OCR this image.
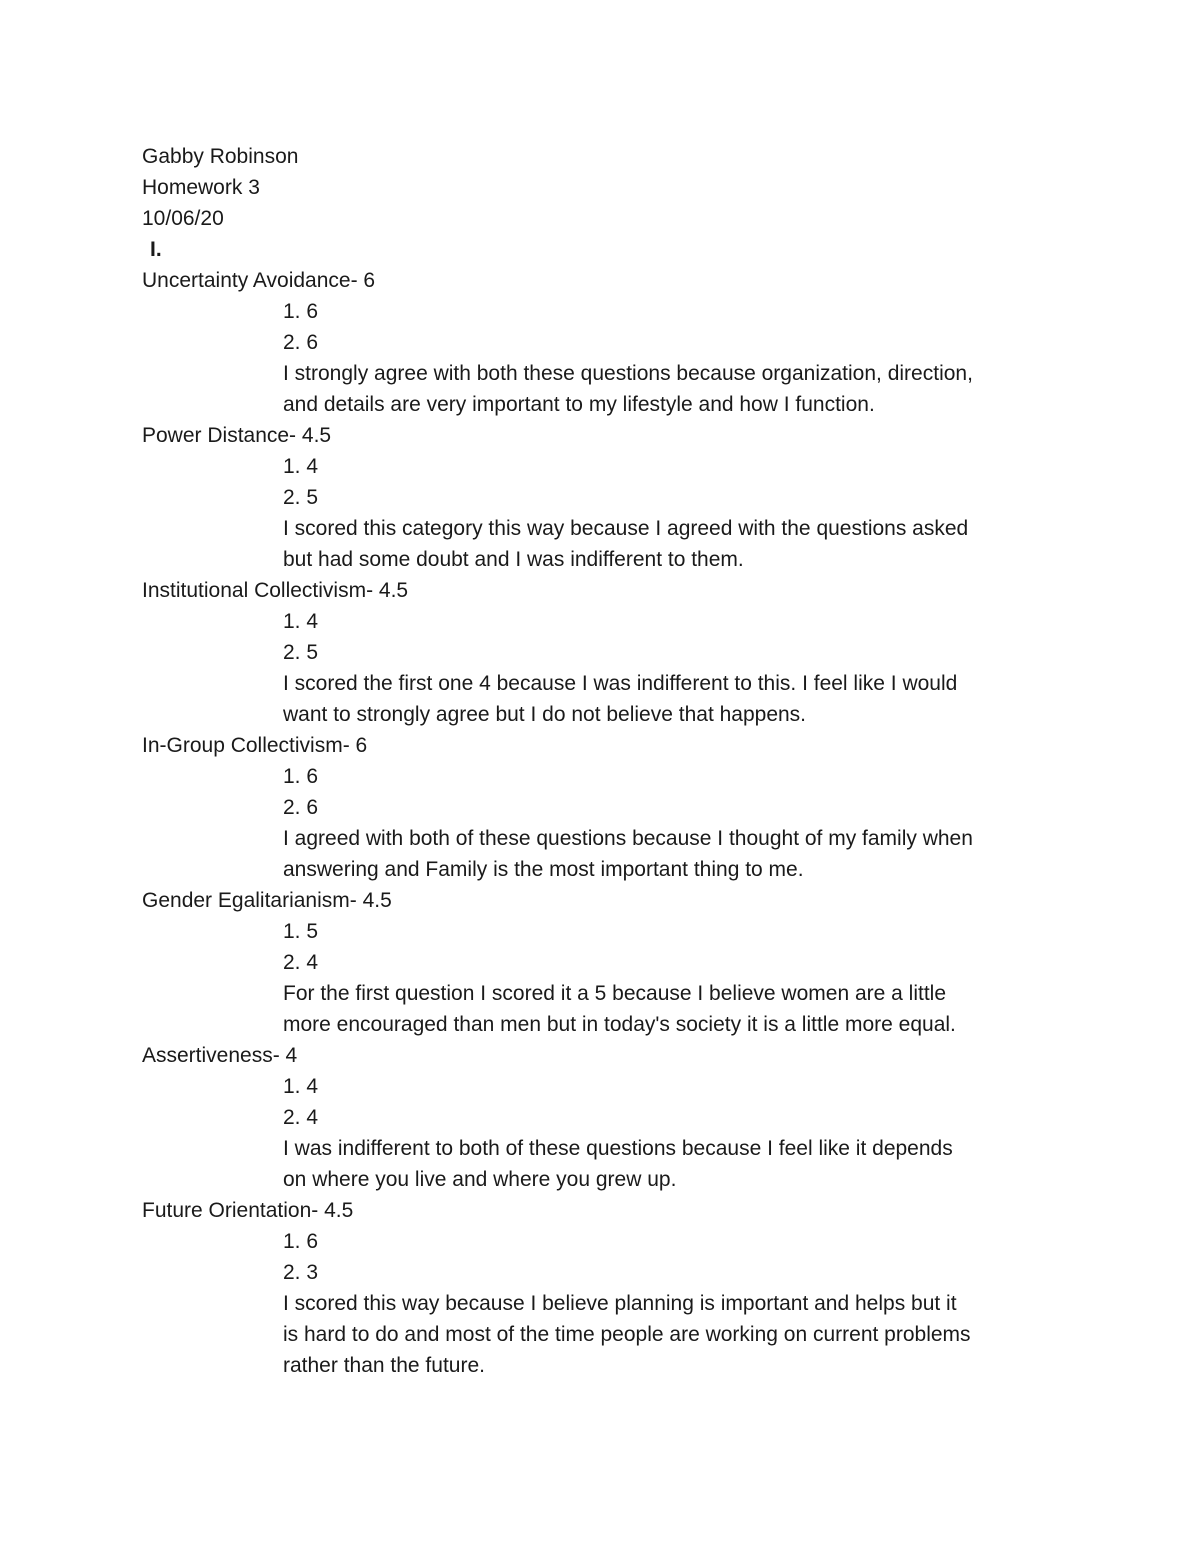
Gabby Robinson
Homework 3
10/06/20
I.
Uncertainty Avoidance- 6
1. 6
2. 6
I strongly agree with both these questions because organization, direction,
and details are very important to my lifestyle and how I function.
Power Distance- 4.5
1. 4
2. 5
I scored this category this way because I agreed with the questions asked
but had some doubt and I was indifferent to them.
Institutional Collectivism- 4.5
1. 4
2. 5
I scored the first one 4 because I was indifferent to this. I feel like I would
want to strongly agree but I do not believe that happens.
In-Group Collectivism- 6
1. 6
2. 6
I agreed with both of these questions because I thought of my family when
answering and Family is the most important thing to me.
Gender Egalitarianism- 4.5
1. 5
2. 4
For the first question I scored it a 5 because I believe women are a little
more encouraged than men but in today's society it is a little more equal.
Assertiveness- 4
1. 4
2. 4
I was indifferent to both of these questions because I feel like it depends
on where you live and where you grew up.
Future Orientation- 4.5
1. 6
2. 3
I scored this way because I believe planning is important and helps but it
is hard to do and most of the time people are working on current problems
rather than the future.
